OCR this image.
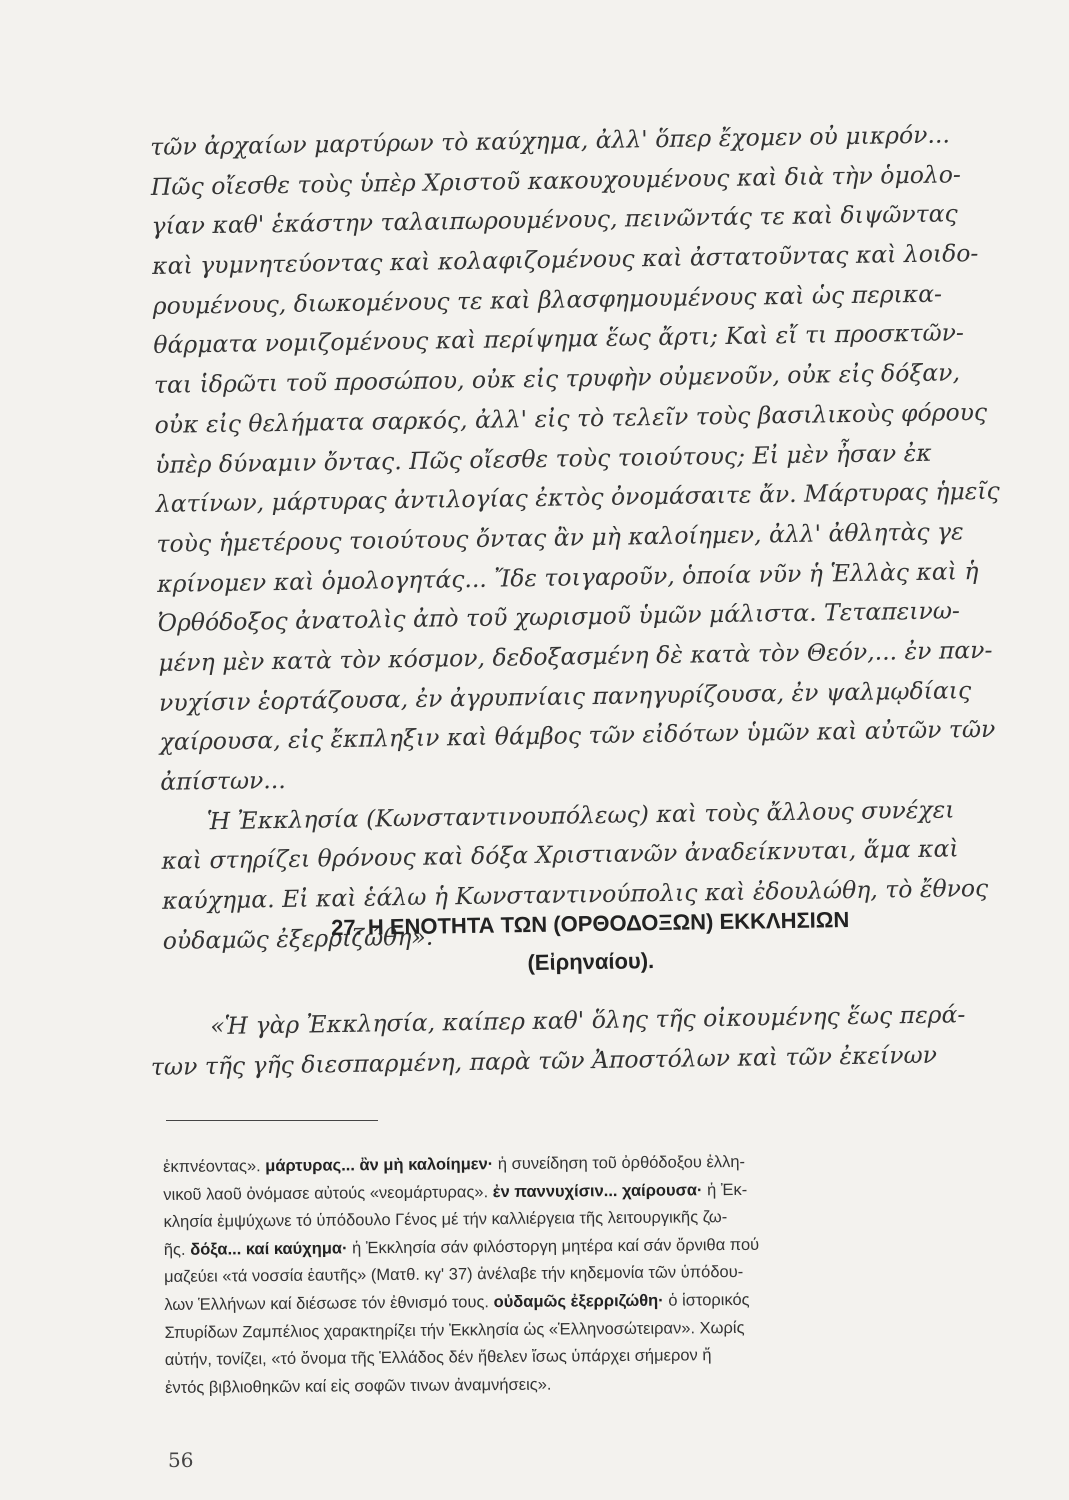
τῶν ἀρχαίων μαρτύρων τὸ καύχημα, ἀλλ' ὅπερ ἔχομεν οὐ μικρόν...
Πῶς οἴεσθε τοὺς ὑπὲρ Χριστοῦ κακουχουμένους καὶ διὰ τὴν ὁμολο-
γίαν καθ' ἑκάστην ταλαιπωρουμένους, πεινῶντάς τε καὶ διψῶντας
καὶ γυμνητεύοντας καὶ κολαφιζομένους καὶ ἀστατοῦντας καὶ λοιδο-
ρουμένους, διωκομένους τε καὶ βλασφημουμένους καὶ ὡς περικα-
θάρματα νομιζομένους καὶ περίψημα ἕως ἄρτι; Καὶ εἴ τι προσκτῶν-
ται ἱδρῶτι τοῦ προσώπου, οὐκ εἰς τρυφὴν οὐμενοῦν, οὐκ εἰς δόξαν,
οὐκ εἰς θελήματα σαρκός, ἀλλ' εἰς τὸ τελεῖν τοὺς βασιλικοὺς φόρους
ὑπὲρ δύναμιν ὄντας. Πῶς οἴεσθε τοὺς τοιούτους; Εἰ μὲν ἦσαν ἐκ
λατίνων, μάρτυρας ἀντιλογίας ἐκτὸς ὀνομάσαιτε ἄν. Μάρτυρας ἡμεῖς
τοὺς ἡμετέρους τοιούτους ὄντας ἂν μὴ καλοίημεν, ἀλλ' ἀθλητὰς γε
κρίνομεν καὶ ὁμολογητάς... Ἴδε τοιγαροῦν, ὁποία νῦν ἡ Ἑλλὰς καὶ ἡ
Ὀρθόδοξος ἀνατολὶς ἀπὸ τοῦ χωρισμοῦ ὑμῶν μάλιστα. Τεταπεινω-
μένη μὲν κατὰ τὸν κόσμον, δεδοξασμένη δὲ κατὰ τὸν Θεόν,... ἐν παν-
νυχίσιν ἑορτάζουσα, ἐν ἀγρυπνίαις πανηγυρίζουσα, ἐν ψαλμῳδίαις
χαίρουσα, εἰς ἔκπληξιν καὶ θάμβος τῶν εἰδότων ὑμῶν καὶ αὐτῶν τῶν
ἀπίστων...
Ἡ Ἐκκλησία (Κωνσταντινουπόλεως) καὶ τοὺς ἄλλους συνέχει
καὶ στηρίζει θρόνους καὶ δόξα Χριστιανῶν ἀναδείκνυται, ἅμα καὶ
καύχημα. Εἰ καὶ ἑάλω ἡ Κωνσταντινούπολις καὶ ἐδουλώθη, τὸ ἔθνος
οὐδαμῶς ἐξερριζώθη».
27. Η ΕΝΟΤΗΤΑ ΤΩΝ (ΟΡΘΟΔΟΞΩΝ) ΕΚΚΛΗΣΙΩΝ
(Εἰρηναίου).
«Ἡ γὰρ Ἐκκλησία, καίπερ καθ' ὅλης τῆς οἰκουμένης ἕως περά-
των τῆς γῆς διεσπαρμένη, παρὰ τῶν Ἀποστόλων καὶ τῶν ἐκείνων
ἐκπνέοντας». μάρτυρας... ἂν μὴ καλοίημεν· ἡ συνείδηση τοῦ ὀρθόδοξου ἑλλη-
νικοῦ λαοῦ ὀνόμασε αὐτούς «νεομάρτυρας». ἐν παννυχίσιν... χαίρουσα· ἡ Ἐκ-
κλησία ἐμψύχωνε τό ὑπόδουλο Γένος μέ τήν καλλιέργεια τῆς λειτουργικῆς ζω-
ῆς. δόξα... καί καύχημα· ἡ Ἐκκλησία σάν φιλόστοργη μητέρα καί σάν ὄρνιθα πού
μαζεύει «τά νοσσία ἑαυτῆς» (Ματθ. κγ' 37) ἀνέλαβε τήν κηδεμονία τῶν ὑπόδου-
λων Ἑλλήνων καί διέσωσε τόν ἐθνισμό τους. οὐδαμῶς ἐξερριζώθη· ὁ ἱστορικός
Σπυρίδων Ζαμπέλιος χαρακτηρίζει τήν Ἐκκλησία ὡς «Ἑλληνοσώτειραν». Χωρίς
αὐτήν, τονίζει, «τό ὄνομα τῆς Ἑλλάδος δέν ἤθελεν ἴσως ὑπάρχει σήμερον ἤ
ἐντός βιβλιοθηκῶν καί εἰς σοφῶν τινων ἀναμνήσεις».
56
